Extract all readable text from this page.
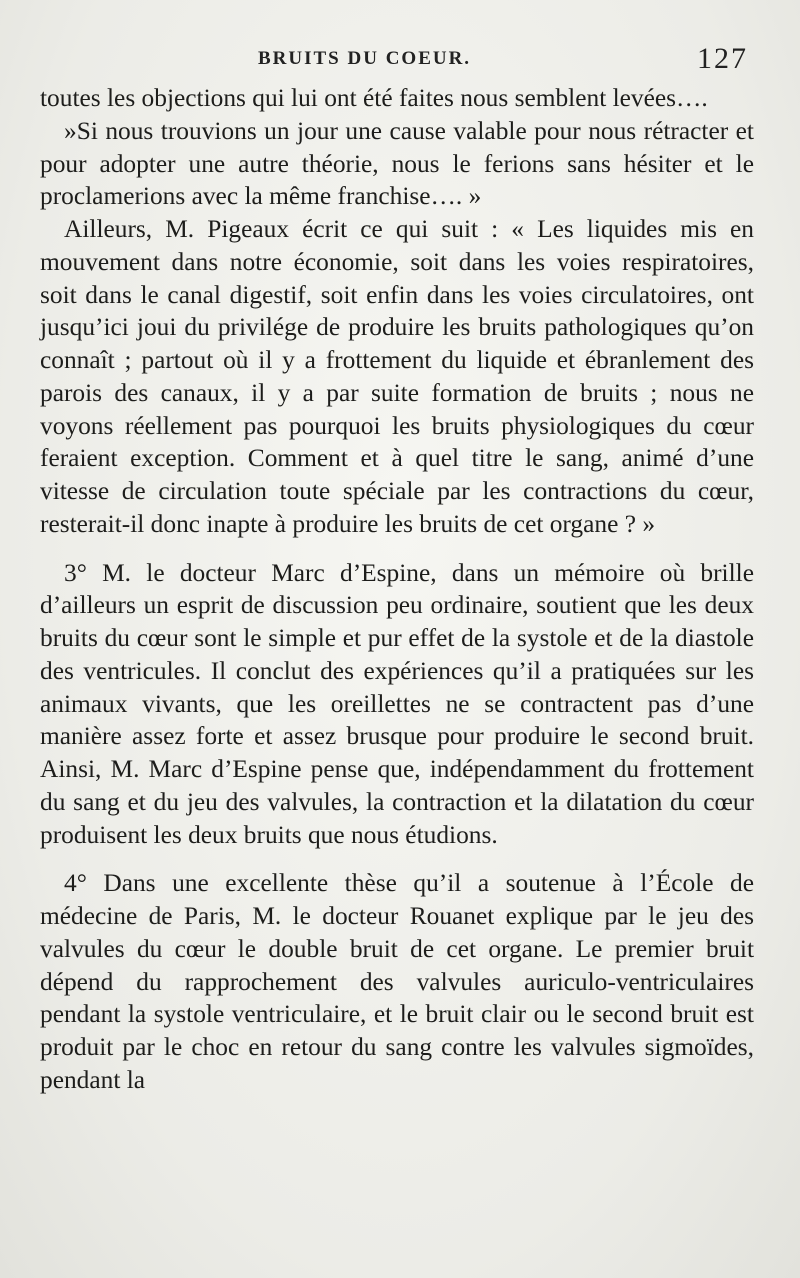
BRUITS DU COEUR.	127

toutes les objections qui lui ont été faites nous semblent levées….

»Si nous trouvions un jour une cause valable pour nous rétracter et pour adopter une autre théorie, nous le ferions sans hésiter et le proclamerions avec la même franchise…. »

Ailleurs, M. Pigeaux écrit ce qui suit : « Les liquides mis en mouvement dans notre économie, soit dans les voies respiratoires, soit dans le canal digestif, soit enfin dans les voies circulatoires, ont jusqu’ici joui du privilége de produire les bruits pathologiques qu’on connaît ; partout où il y a frottement du liquide et ébranlement des parois des canaux, il y a par suite formation de bruits ; nous ne voyons réellement pas pourquoi les bruits physiologiques du cœur feraient exception. Comment et à quel titre le sang, animé d’une vitesse de circulation toute spéciale par les contractions du cœur, resterait-il donc inapte à produire les bruits de cet organe ? »

3° M. le docteur Marc d’Espine, dans un mémoire où brille d’ailleurs un esprit de discussion peu ordinaire, soutient que les deux bruits du cœur sont le simple et pur effet de la systole et de la diastole des ventricules. Il conclut des expériences qu’il a pratiquées sur les animaux vivants, que les oreillettes ne se contractent pas d’une manière assez forte et assez brusque pour produire le second bruit. Ainsi, M. Marc d’Espine pense que, indépendamment du frottement du sang et du jeu des valvules, la contraction et la dilatation du cœur produisent les deux bruits que nous étudions.

4° Dans une excellente thèse qu’il a soutenue à l’École de médecine de Paris, M. le docteur Rouanet explique par le jeu des valvules du cœur le double bruit de cet organe. Le premier bruit dépend du rapprochement des valvules auriculo-ventriculaires pendant la systole ventriculaire, et le bruit clair ou le second bruit est produit par le choc en retour du sang contre les valvules sigmoïdes, pendant la
